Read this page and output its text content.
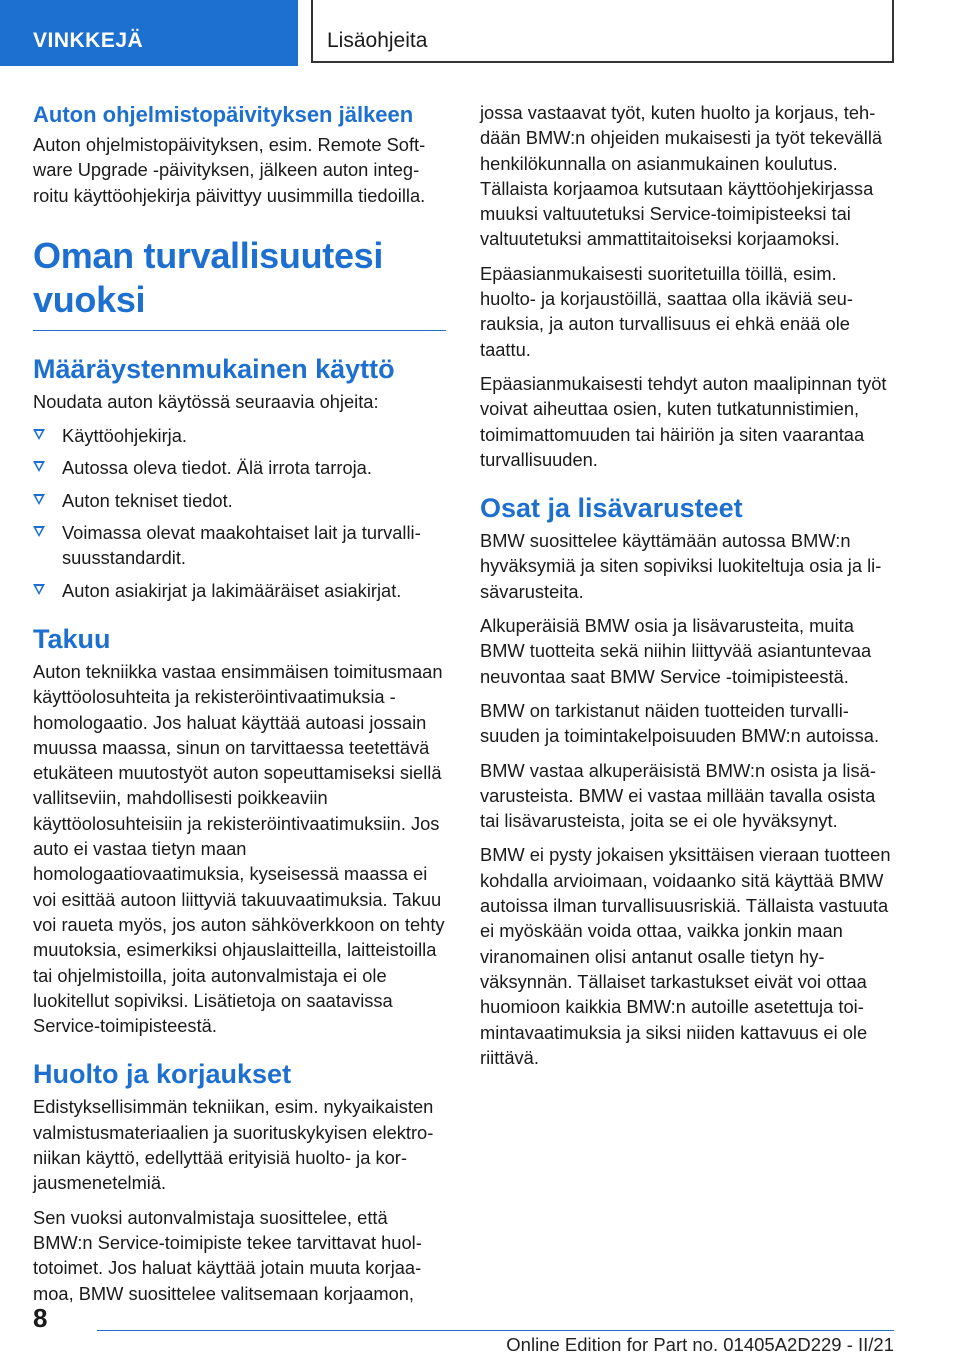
VINKKEJÄ	Lisäohjeita
Auton ohjelmistopäivityksen jälkeen

Auton ohjelmistopäivityksen, esim. Remote Software Upgrade -päivityksen, jälkeen auton integroitu käyttöohjekirja päivittyy uusimmilla tiedoilla.

Oman turvallisuutesi vuoksi
Määräystenmukainen käyttö

Noudata auton käytössä seuraavia ohjeita:

Käyttöohjekirja.
Autossa oleva tiedot. Älä irrota tarroja.
Auton tekniset tiedot.
Voimassa olevat maakohtaiset lait ja turvallisuusstandardit.
Auton asiakirjat ja lakimääräiset asiakirjat.
Takuu

Auton tekniikka vastaa ensimmäisen toimitusmaan käyttöolosuhteita ja rekisteröintivaatimuksia - homologaatio. Jos haluat käyttää autoasi jossain muussa maassa, sinun on tarvittaessa teetettävä etukäteen muutostyöt auton sopeuttamiseksi siellä vallitseviin, mahdollisesti poikkeaviin käyttöolosuhteisiin ja rekisteröintivaatimuksiin. Jos auto ei vastaa tietyn maan homologaatiovaatimuksia, kyseisessä maassa ei voi esittää autoon liittyviä takuuvaatimuksia. Takuu voi raueta myös, jos auton sähköverkkoon on tehty muutoksia, esimerkiksi ohjauslaitteilla, laitteistoilla tai ohjelmistoilla, joita autonvalmistaja ei ole luokitellut sopiviksi. Lisätietoja on saatavissa Service-toimipisteestä.

Huolto ja korjaukset

Edistyksellisimmän tekniikan, esim. nykyaikaisten valmistusmateriaalien ja suorituskykyisen elektroniikan käyttö, edellyttää erityisiä huolto- ja korjausmenetelmiä.

Sen vuoksi autonvalmistaja suosittelee, että BMW:n Service-toimipiste tekee tarvittavat huoltotoimet. Jos haluat käyttää jotain muuta korjaamoa, BMW suosittelee valitsemaan korjaamon,

jossa vastaavat työt, kuten huolto ja korjaus, tehdään BMW:n ohjeiden mukaisesti ja työt tekevällä henkilökunnalla on asianmukainen koulutus. Tällaista korjaamoa kutsutaan käyttöohjekirjassa muuksi valtuutetuksi Service-toimipisteeksi tai valtuutetuksi ammattitaitoiseksi korjaamoksi.

Epäasianmukaisesti suoritetuilla töillä, esim. huolto- ja korjaustöillä, saattaa olla ikäviä seurauksia, ja auton turvallisuus ei ehkä enää ole taattu.

Epäasianmukaisesti tehdyt auton maalipinnan työt voivat aiheuttaa osien, kuten tutkatunnistimien, toimimattomuuden tai häiriön ja siten vaarantaa turvallisuuden.

Osat ja lisävarusteet

BMW suosittelee käyttämään autossa BMW:n hyväksymiä ja siten sopiviksi luokiteltuja osia ja lisävarusteita.

Alkuperäisiä BMW osia ja lisävarusteita, muita BMW tuotteita sekä niihin liittyvää asiantuntevaa neuvontaa saat BMW Service -toimipisteestä.

BMW on tarkistanut näiden tuotteiden turvallisuuden ja toimintakelpoisuuden BMW:n autoissa.

BMW vastaa alkuperäisistä BMW:n osista ja lisävarusteista. BMW ei vastaa millään tavalla osista tai lisävarusteista, joita se ei ole hyväksynyt.

BMW ei pysty jokaisen yksittäisen vieraan tuotteen kohdalla arvioimaan, voidaanko sitä käyttää BMW autoissa ilman turvallisuusriskiä. Tällaista vastuuta ei myöskään voida ottaa, vaikka jonkin maan viranomainen olisi antanut osalle tietyn hyväksynnän. Tällaiset tarkastukset eivät voi ottaa huomioon kaikkia BMW:n autoille asetettuja toimintavaatimuksia ja siksi niiden kattavuus ei ole riittävä.

8
Online Edition for Part no. 01405A2D229 - II/21
